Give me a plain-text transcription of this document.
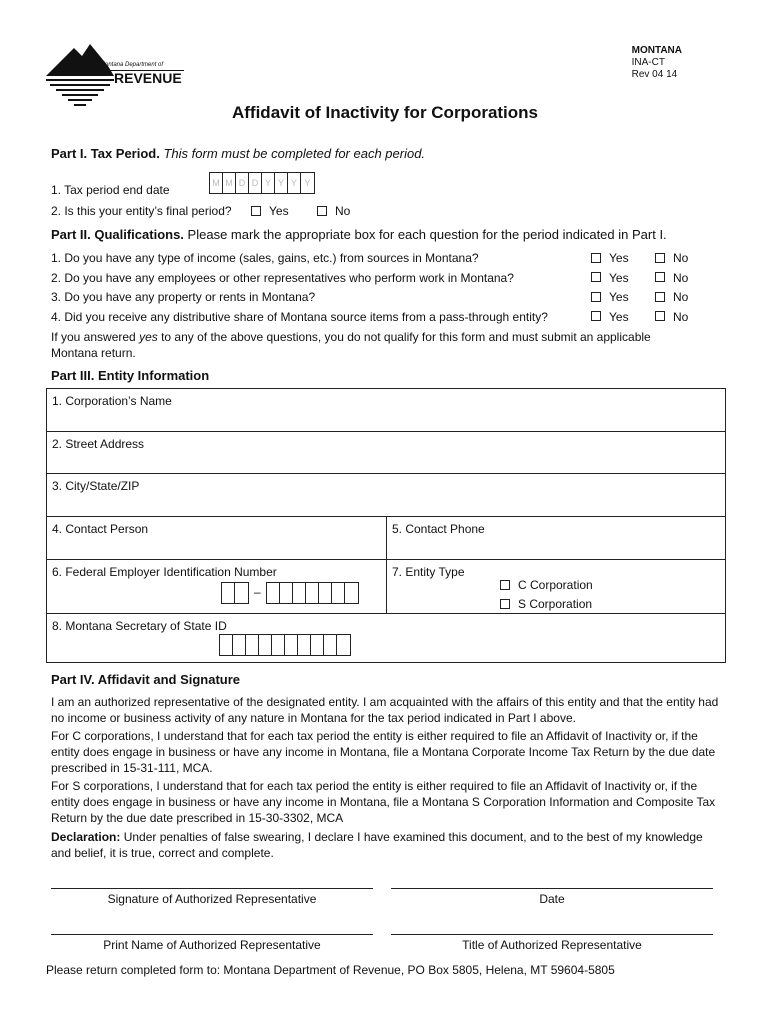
Montana Department of
REVENUE
MONTANA
INA-CT
Rev 04 14
Affidavit of Inactivity for Corporations
Part I. Tax Period. This form must be completed for each period.
1. Tax period end date	M M D D Y Y Y Y
2. Is this your entity’s final period?	Yes	No
Part II. Qualifications. Please mark the appropriate box for each question for the period indicated in Part I.
1. Do you have any type of income (sales, gains, etc.) from sources in Montana?	Yes	No
2. Do you have any employees or other representatives who perform work in Montana?	Yes	No
3. Do you have any property or rents in Montana?	Yes	No
4. Did you receive any distributive share of Montana source items from a pass-through entity?	Yes	No
If you answered yes to any of the above questions, you do not qualify for this form and must submit an applicable
Montana return.
Part III. Entity Information
1. Corporation’s Name
2. Street Address
3. City/State/ZIP
4. Contact Person	5. Contact Phone
6. Federal Employer Identification Number
–
7. Entity Type
C Corporation
S Corporation
8. Montana Secretary of State ID
Part IV. Affidavit and Signature
I am an authorized representative of the designated entity. I am acquainted with the affairs of this entity and that the entity had no income or business activity of any nature in Montana for the tax period indicated in Part I above.
For C corporations, I understand that for each tax period the entity is either required to file an Affidavit of Inactivity or, if the entity does engage in business or have any income in Montana, file a Montana Corporate Income Tax Return by the due date prescribed in 15-31-111, MCA.
For S corporations, I understand that for each tax period the entity is either required to file an Affidavit of Inactivity or, if the entity does engage in business or have any income in Montana, file a Montana S Corporation Information and Composite Tax Return by the due date prescribed in 15-30-3302, MCA
Declaration: Under penalties of false swearing, I declare I have examined this document, and to the best of my knowledge and belief, it is true, correct and complete.
Signature of Authorized Representative	Date
Print Name of Authorized Representative	Title of Authorized Representative
Please return completed form to: Montana Department of Revenue, PO Box 5805, Helena, MT 59604-5805
